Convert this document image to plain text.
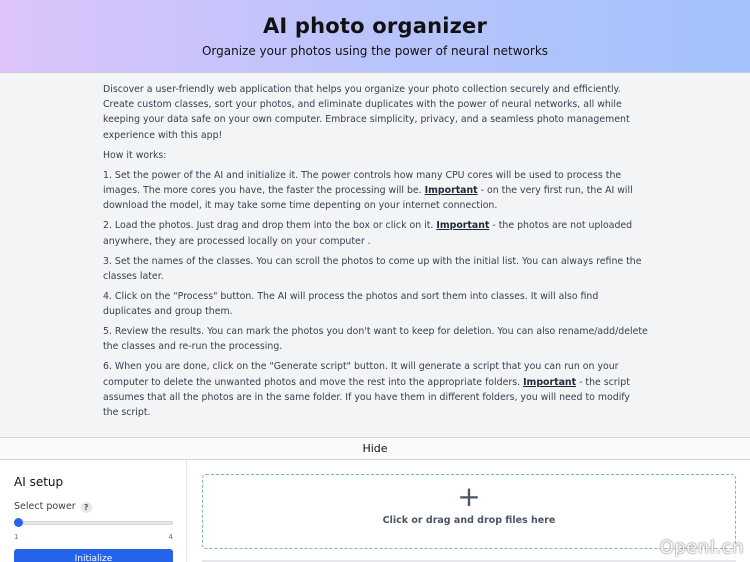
AI photo organizer
Organize your photos using the power of neural networks

Discover a user-friendly web application that helps you organize your photo collection securely and efficiently. Create custom classes, sort your photos, and eliminate duplicates with the power of neural networks, all while keeping your data safe on your own computer. Embrace simplicity, privacy, and a seamless photo management experience with this app!

How it works:

1. Set the power of the AI and initialize it. The power controls how many CPU cores will be used to process the images. The more cores you have, the faster the processing will be. Important - on the very first run, the AI will download the model, it may take some time depenting on your internet connection.

2. Load the photos. Just drag and drop them into the box or click on it. Important - the photos are not uploaded anywhere, they are processed locally on your computer .

3. Set the names of the classes. You can scroll the photos to come up with the initial list. You can always refine the classes later.

4. Click on the "Process" button. The AI will process the photos and sort them into classes. It will also find duplicates and group them.

5. Review the results. You can mark the photos you don't want to keep for deletion. You can also rename/add/delete the classes and re-run the processing.

6. When you are done, click on the "Generate script" button. It will generate a script that you can run on your computer to delete the unwanted photos and move the rest into the appropriate folders. Important - the script assumes that all the photos are in the same folder. If you have them in different folders, you will need to modify the script.

Hide
AI setup
Select power	?
1	4
Initialize
+
Click or drag and drop files here
OpenI.cn
